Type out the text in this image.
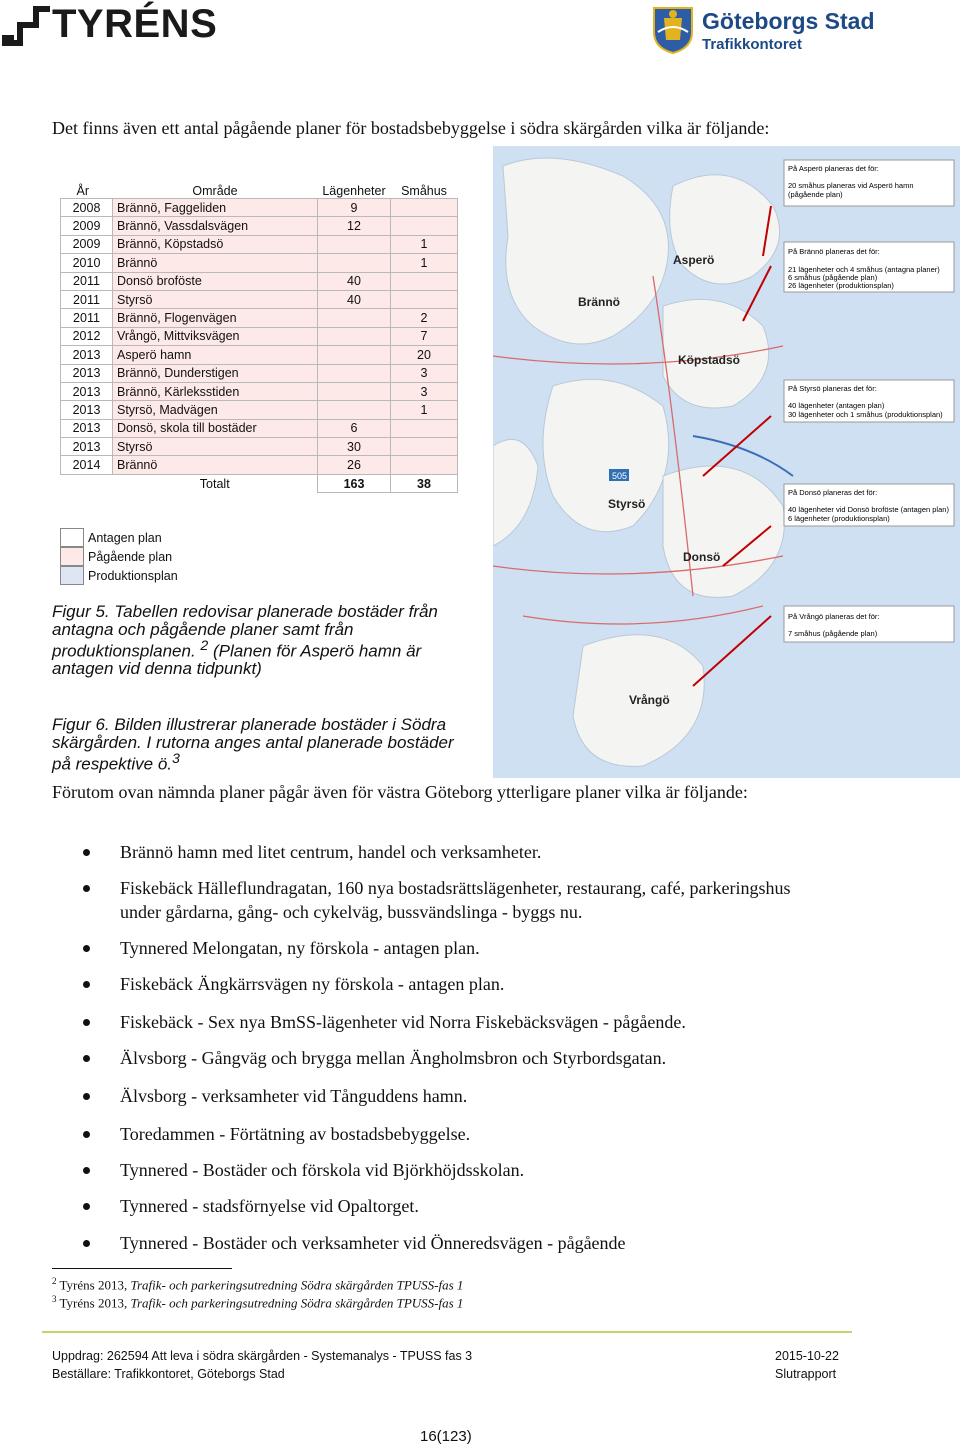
TYRÉNS	Göteborgs Stad
Trafikkontoret

Det finns även ett antal pågående planer för bostadsbebyggelse i södra skärgården vilka är följande:

År	Område	Lägenheter	Småhus
2008	Brännö, Faggeliden	9	
2009	Brännö, Vassdalsvägen	12	
2009	Brännö, Köpstadsö		1
2010	Brännö		1
2011	Donsö broföste	40	
2011	Styrsö	40	
2011	Brännö, Flogenvägen		2
2012	Vrångö, Mittviksvägen		7
2013	Asperö hamn		20
2013	Brännö, Dunderstigen		3
2013	Brännö, Kärleksstiden		3
2013	Styrsö, Madvägen		1
2013	Donsö, skola till bostäder	6	
2013	Styrsö	30	
2014	Brännö	26	
	Totalt	163	38
Antagen plan
Pågående plan
Produktionsplan
Figur 5. Tabellen redovisar planerade bostäder från antagna och pågående planer samt från produktionsplanen. $^2$ (Planen för Asperö hamn är antagen vid denna tidpunkt)
Figur 6. Bilden illustrerar planerade bostäder i Södra skärgården. I rutorna anges antal planerade bostäder på respektive ö.$^3$
Asperö
Brännö
Köpstadsö
Styrsö
505
Donsö
Vrångö
På Asperö planeras det för:
20 småhus planeras vid Asperö hamn
(pågående plan)
På Brännö planeras det för:
21 lägenheter och 4 småhus (antagna planer)
6 småhus (pågående plan)
26 lägenheter (produktionsplan)
På Styrsö planeras det för:
40 lägenheter (antagen plan)
30 lägenheter och 1 småhus (produktionsplan)
På Donsö planeras det för:
40 lägenheter vid Donsö broföste (antagen plan)
6 lägenheter (produktionsplan)
På Vrångö planeras det för:
7 småhus (pågående plan)

Förutom ovan nämnda planer pågår även för västra Göteborg ytterligare planer vilka är följande:

Brännö hamn med litet centrum, handel och verksamheter.
Fiskebäck Hälleflundragatan, 160 nya bostadsrättslägenheter, restaurang, café, parkeringshus under gårdarna, gång- och cykelväg, bussvändslinga - byggs nu.
Tynnered Melongatan, ny förskola - antagen plan.
Fiskebäck Ängkärrsvägen ny förskola - antagen plan.
Fiskebäck - Sex nya BmSS-lägenheter vid Norra Fiskebäcksvägen - pågående.
Älvsborg - Gångväg och brygga mellan Ängholmsbron och Styrbordsgatan.
Älvsborg - verksamheter vid Tånguddens hamn.
Toredammen - Förtätning av bostadsbebyggelse.
Tynnered - Bostäder och förskola vid Björkhöjdsskolan.
Tynnered - stadsförnyelse vid Opaltorget.
Tynnered - Bostäder och verksamheter vid Önneredsvägen - pågående
$^2$ Tyréns 2013, Trafik- och parkeringsutredning Södra skärgården TPUSS-fas 1
$^3$ Tyréns 2013, Trafik- och parkeringsutredning Södra skärgården TPUSS-fas 1
Uppdrag: 262594 Att leva i södra skärgården - Systemanalys - TPUSS fas 3	2015-10-22
Beställare: Trafikkontoret, Göteborgs Stad	Slutrapport
16(123)
